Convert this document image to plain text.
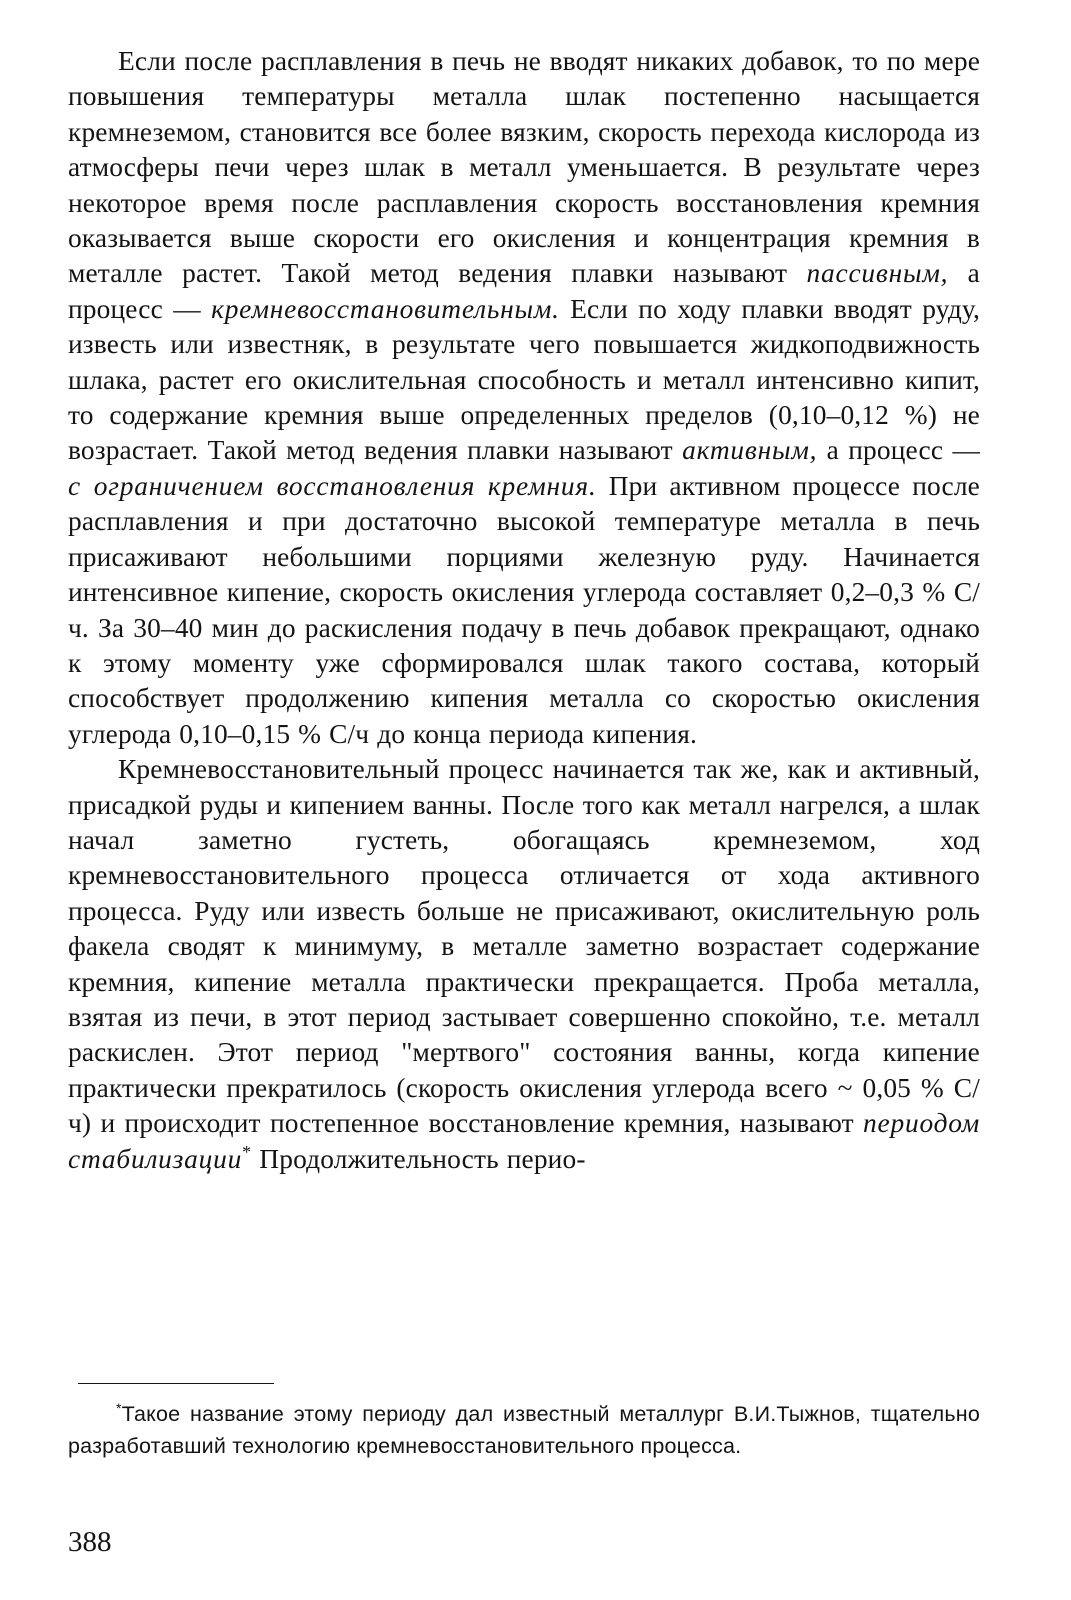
Если после расплавления в печь не вводят никаких добавок, то по мере повышения температуры металла шлак постепенно насыщается кремнеземом, становится все более вязким, скорость перехода кислорода из атмосферы печи через шлак в металл уменьшается. В результате через некоторое время после расплавления скорость восстановления кремния оказывается выше скорости его окисления и концентрация кремния в металле растет. Такой метод ведения плавки называют пассивным, а процесс — кремневосстановительным. Если по ходу плавки вводят руду, известь или известняк, в результате чего повышается жидкоподвижность шлака, растет его окислительная способность и металл интенсивно кипит, то содержание кремния выше определенных пределов (0,10–0,12 %) не возрастает. Такой метод ведения плавки называют активным, а процесс — с ограничением восстановления кремния. При активном процессе после расплавления и при достаточно высокой температуре металла в печь присаживают небольшими порциями железную руду. Начинается интенсивное кипение, скорость окисления углерода составляет 0,2–0,3 % С/ч. За 30–40 мин до раскисления подачу в печь добавок прекращают, однако к этому моменту уже сформировался шлак такого состава, который способствует продолжению кипения металла со скоростью окисления углерода 0,10–0,15 % С/ч до конца периода кипения.

Кремневосстановительный процесс начинается так же, как и активный, присадкой руды и кипением ванны. После того как металл нагрелся, а шлак начал заметно густеть, обогащаясь кремнеземом, ход кремневосстановительного процесса отличается от хода активного процесса. Руду или известь больше не присаживают, окислительную роль факела сводят к минимуму, в металле заметно возрастает содержание кремния, кипение металла практически прекращается. Проба металла, взятая из печи, в этот период застывает совершенно спокойно, т.е. металл раскислен. Этот период "мертвого" состояния ванны, когда кипение практически прекратилось (скорость окисления углерода всего ~ 0,05 % С/ч) и происходит постепенное восстановление кремния, называют периодом стабилизации* Продолжительность перио-

*Такое название этому периоду дал известный металлург В.И.Тыжнов, тщательно разработавший технологию кремневосстановительного процесса.

388
